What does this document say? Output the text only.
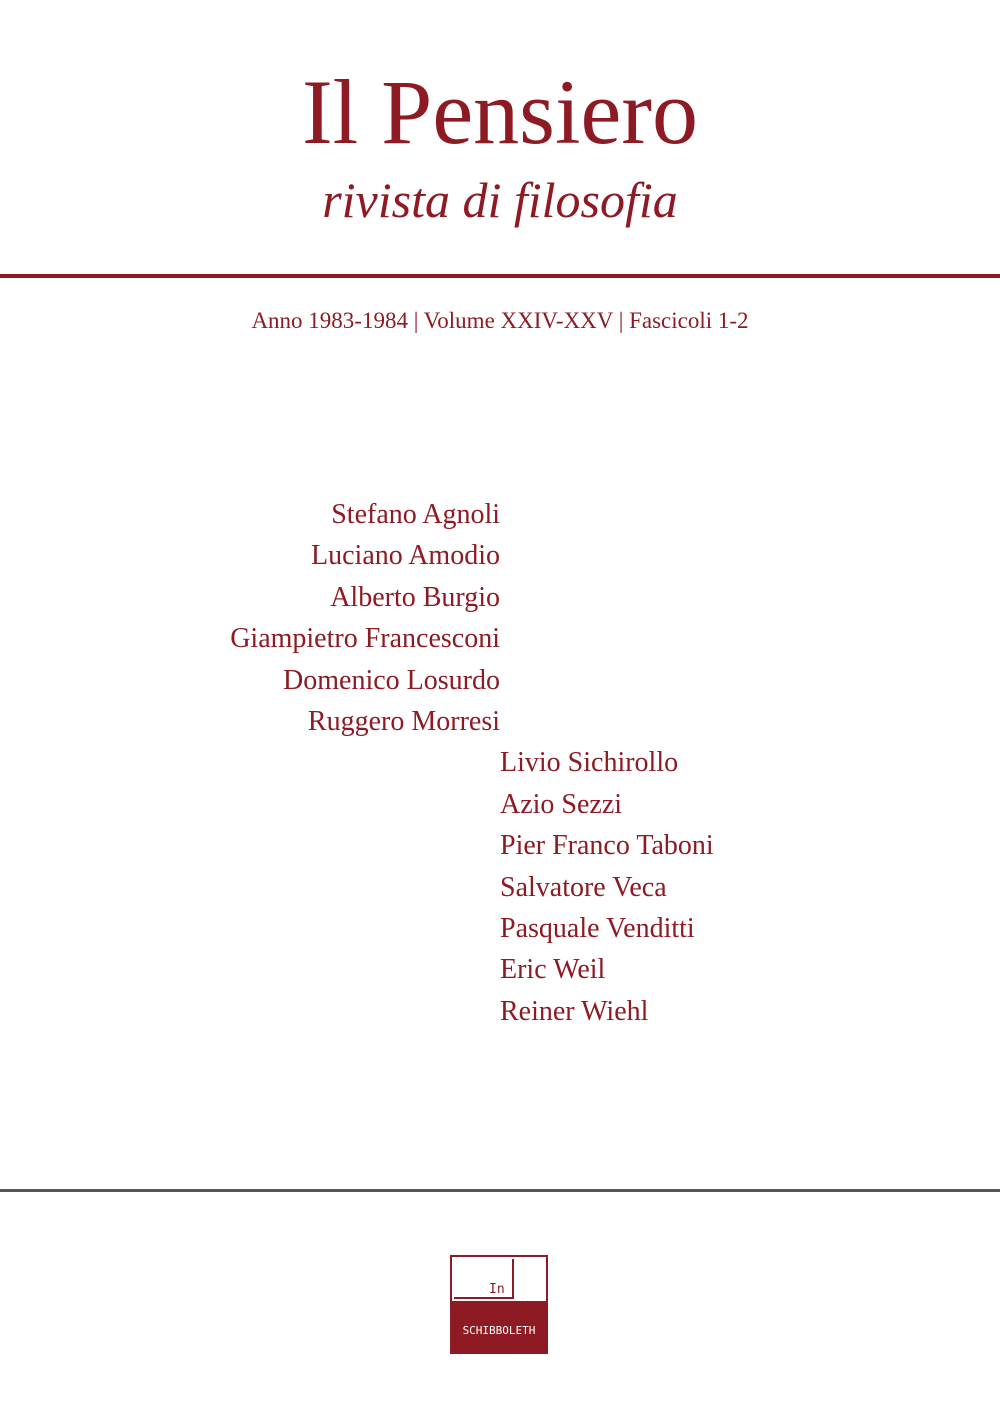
Il Pensiero
rivista di filosofia
Anno 1983-1984 | Volume XXIV-XXV | Fascicoli 1-2
Stefano Agnoli
Luciano Amodio
Alberto Burgio
Giampietro Francesconi
Domenico Losurdo
Ruggero Morresi
Livio Sichirollo
Azio Sezzi
Pier Franco Taboni
Salvatore Veca
Pasquale Venditti
Eric Weil
Reiner Wiehl
In
SCHIBBOLETH
